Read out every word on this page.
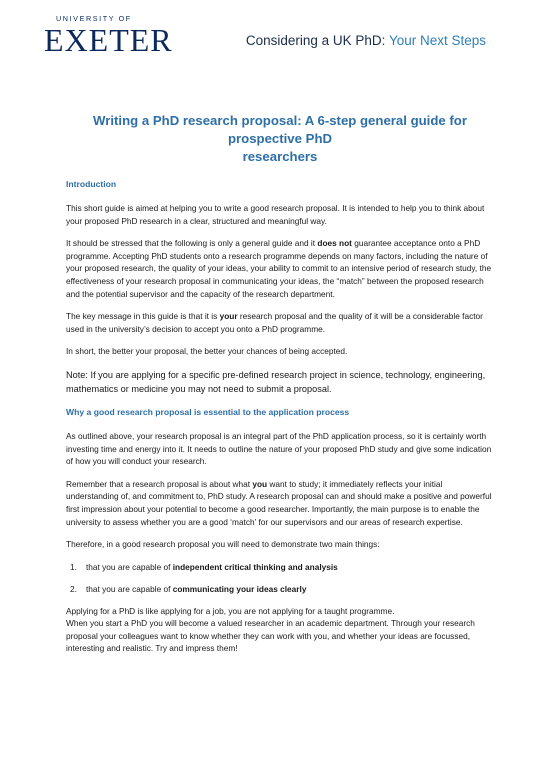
UNIVERSITY OF
EXETER	Considering a UK PhD: Your Next Steps
Writing a PhD research proposal: A 6-step general guide for prospective PhD
researchers
Introduction

This short guide is aimed at helping you to write a good research proposal. It is intended to help you to think about your proposed PhD research in a clear, structured and meaningful way.

It should be stressed that the following is only a general guide and it does not guarantee acceptance onto a PhD programme. Accepting PhD students onto a research programme depends on many factors, including the nature of your proposed research, the quality of your ideas, your ability to commit to an intensive period of research study, the effectiveness of your research proposal in communicating your ideas, the “match” between the proposed research and the potential supervisor and the capacity of the research department.

The key message in this guide is that it is your research proposal and the quality of it will be a considerable factor used in the university’s decision to accept you onto a PhD programme.

In short, the better your proposal, the better your chances of being accepted.

Note: If you are applying for a specific pre-defined research project in science, technology, engineering, mathematics or medicine you may not need to submit a proposal.

Why a good research proposal is essential to the application process

As outlined above, your research proposal is an integral part of the PhD application process, so it is certainly worth investing time and energy into it. It needs to outline the nature of your proposed PhD study and give some indication of how you will conduct your research.

Remember that a research proposal is about what you want to study; it immediately reflects your initial understanding of, and commitment to, PhD study. A research proposal can and should make a positive and powerful first impression about your potential to become a good researcher. Importantly, the main purpose is to enable the university to assess whether you are a good ‘match’ for our supervisors and our areas of research expertise.

Therefore, in a good research proposal you will need to demonstrate two main things:

1. that you are capable of independent critical thinking and analysis
2. that you are capable of communicating your ideas clearly

Applying for a PhD is like applying for a job, you are not applying for a taught programme.
When you start a PhD you will become a valued researcher in an academic department. Through your research proposal your colleagues want to know whether they can work with you, and whether your ideas are focussed, interesting and realistic. Try and impress them!
